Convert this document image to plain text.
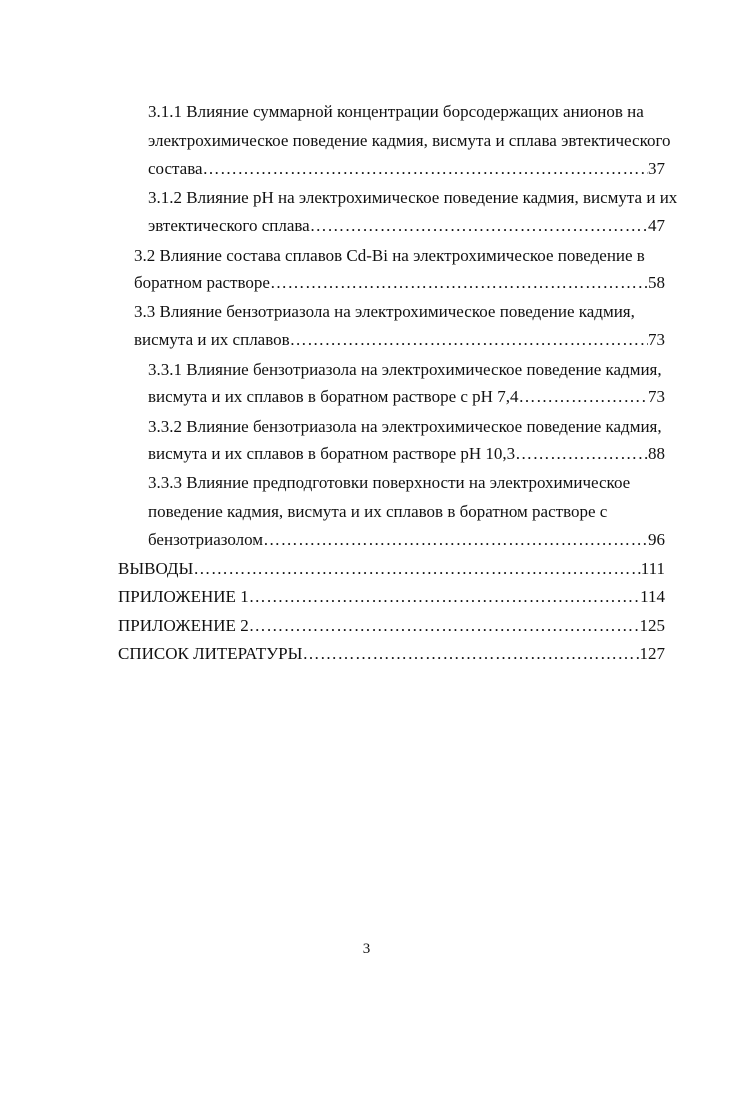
3.1.1 Влияние суммарной концентрации борсодержащих анионов на
электрохимическое поведение кадмия, висмута и сплава эвтектического
состава ……………………………………………………………………………………………………………………………………………………………………	37
3.1.2 Влияние pH на электрохимическое поведение кадмия, висмута и их
эвтектического сплава ……………………………………………………………………………………………………………………………………………………………………	47
3.2 Влияние состава сплавов Cd-Bi на электрохимическое поведение в
боратном растворе ……………………………………………………………………………………………………………………………………………………………………	58
3.3 Влияние бензотриазола на электрохимическое поведение кадмия,
висмута и их сплавов ……………………………………………………………………………………………………………………………………………………………………	73
3.3.1 Влияние бензотриазола на электрохимическое поведение кадмия,
висмута и их сплавов в боратном растворе с pH 7,4 ……………………………………………………………………………………………………………………………………………………………………	73
3.3.2 Влияние бензотриазола на электрохимическое поведение кадмия,
висмута и их сплавов в боратном растворе pH 10,3 ……………………………………………………………………………………………………………………………………………………………………	88
3.3.3 Влияние предподготовки поверхности на электрохимическое
поведение кадмия, висмута и их сплавов в боратном растворе с
бензотриазолом ……………………………………………………………………………………………………………………………………………………………………	96
ВЫВОДЫ ……………………………………………………………………………………………………………………………………………………………………	111
ПРИЛОЖЕНИЕ 1 ……………………………………………………………………………………………………………………………………………………………………	114
ПРИЛОЖЕНИЕ 2 ……………………………………………………………………………………………………………………………………………………………………	125
СПИСОК ЛИТЕРАТУРЫ ……………………………………………………………………………………………………………………………………………………………………	127
3
